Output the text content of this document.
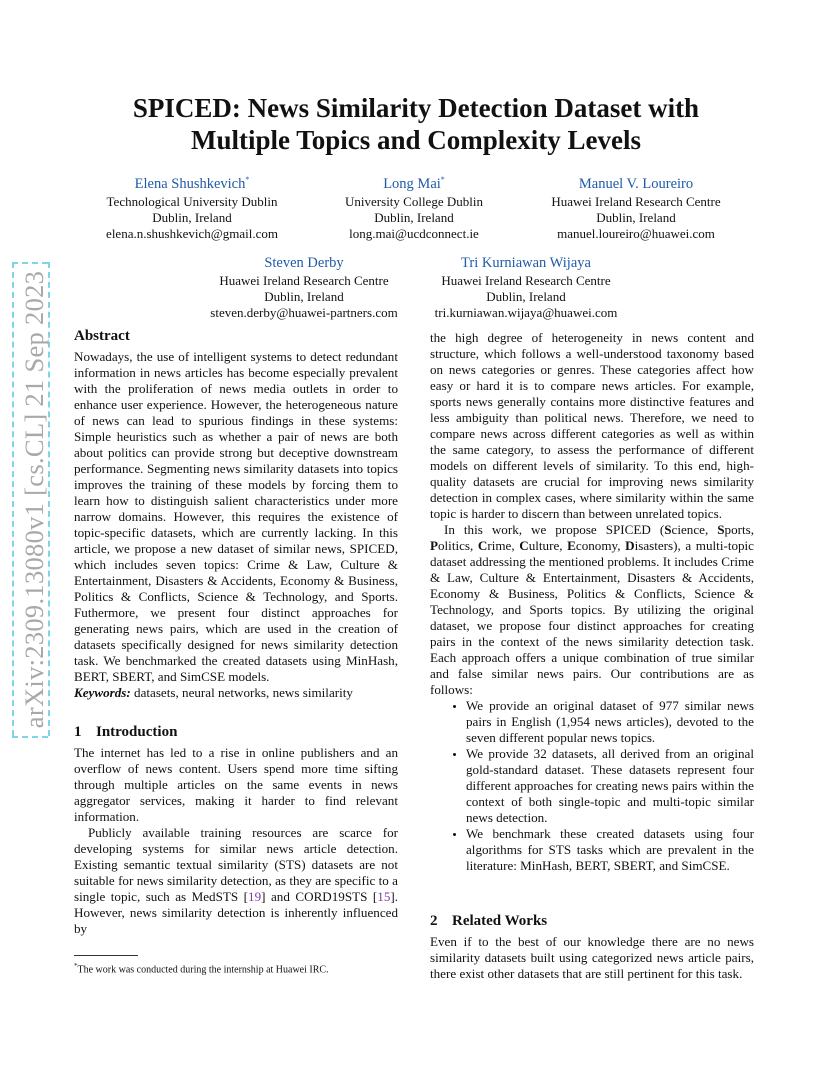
arXiv:2309.13080v1 [cs.CL] 21 Sep 2023
SPICED: News Similarity Detection Dataset with
Multiple Topics and Complexity Levels
Elena Shushkevich*
Technological University Dublin
Dublin, Ireland
elena.n.shushkevich@gmail.com
Long Mai*
University College Dublin
Dublin, Ireland
long.mai@ucdconnect.ie
Manuel V. Loureiro
Huawei Ireland Research Centre
Dublin, Ireland
manuel.loureiro@huawei.com
Steven Derby
Huawei Ireland Research Centre
Dublin, Ireland
steven.derby@huawei-partners.com
Tri Kurniawan Wijaya
Huawei Ireland Research Centre
Dublin, Ireland
tri.kurniawan.wijaya@huawei.com
Abstract

Nowadays, the use of intelligent systems to detect redundant information in news articles has become especially prevalent with the proliferation of news media outlets in order to enhance user experience. However, the heterogeneous nature of news can lead to spurious findings in these systems: Simple heuristics such as whether a pair of news are both about politics can provide strong but deceptive downstream performance. Segmenting news similarity datasets into topics improves the training of these models by forcing them to learn how to distinguish salient characteristics under more narrow domains. However, this requires the existence of topic-specific datasets, which are currently lacking. In this article, we propose a new dataset of similar news, SPICED, which includes seven topics: Crime & Law, Culture & Entertainment, Disasters & Accidents, Economy & Business, Politics & Conflicts, Science & Technology, and Sports. Futhermore, we present four distinct approaches for generating news pairs, which are used in the creation of datasets specifically designed for news similarity detection task. We benchmarked the created datasets using MinHash, BERT, SBERT, and SimCSE models.

Keywords: datasets, neural networks, news similarity

1 Introduction

The internet has led to a rise in online publishers and an overflow of news content. Users spend more time sifting through multiple articles on the same events in news aggregator services, making it harder to find relevant information.

Publicly available training resources are scarce for developing systems for similar news article detection. Existing semantic textual similarity (STS) datasets are not suitable for news similarity detection, as they are specific to a single topic, such as MedSTS [19] and CORD19STS [15]. However, news similarity detection is inherently influenced by

the high degree of heterogeneity in news content and structure, which follows a well-understood taxonomy based on news categories or genres. These categories affect how easy or hard it is to compare news articles. For example, sports news generally contains more distinctive features and less ambiguity than political news. Therefore, we need to compare news across different categories as well as within the same category, to assess the performance of different models on different levels of similarity. To this end, high-quality datasets are crucial for improving news similarity detection in complex cases, where similarity within the same topic is harder to discern than between unrelated topics.

In this work, we propose SPICED (Science, Sports, Politics, Crime, Culture, Economy, Disasters), a multi-topic dataset addressing the mentioned problems. It includes Crime & Law, Culture & Entertainment, Disasters & Accidents, Economy & Business, Politics & Conflicts, Science & Technology, and Sports topics. By utilizing the original dataset, we propose four distinct approaches for creating pairs in the context of the news similarity detection task. Each approach offers a unique combination of true similar and false similar news pairs. Our contributions are as follows:

• We provide an original dataset of 977 similar news pairs in English (1,954 news articles), devoted to the seven different popular news topics.
• We provide 32 datasets, all derived from an original gold-standard dataset. These datasets represent four different approaches for creating news pairs within the context of both single-topic and multi-topic similar news detection.
• We benchmark these created datasets using four algorithms for STS tasks which are prevalent in the literature: MinHash, BERT, SBERT, and SimCSE.
2 Related Works

Even if to the best of our knowledge there are no news similarity datasets built using categorized news article pairs, there exist other datasets that are still pertinent for this task.

*The work was conducted during the internship at Huawei IRC.
